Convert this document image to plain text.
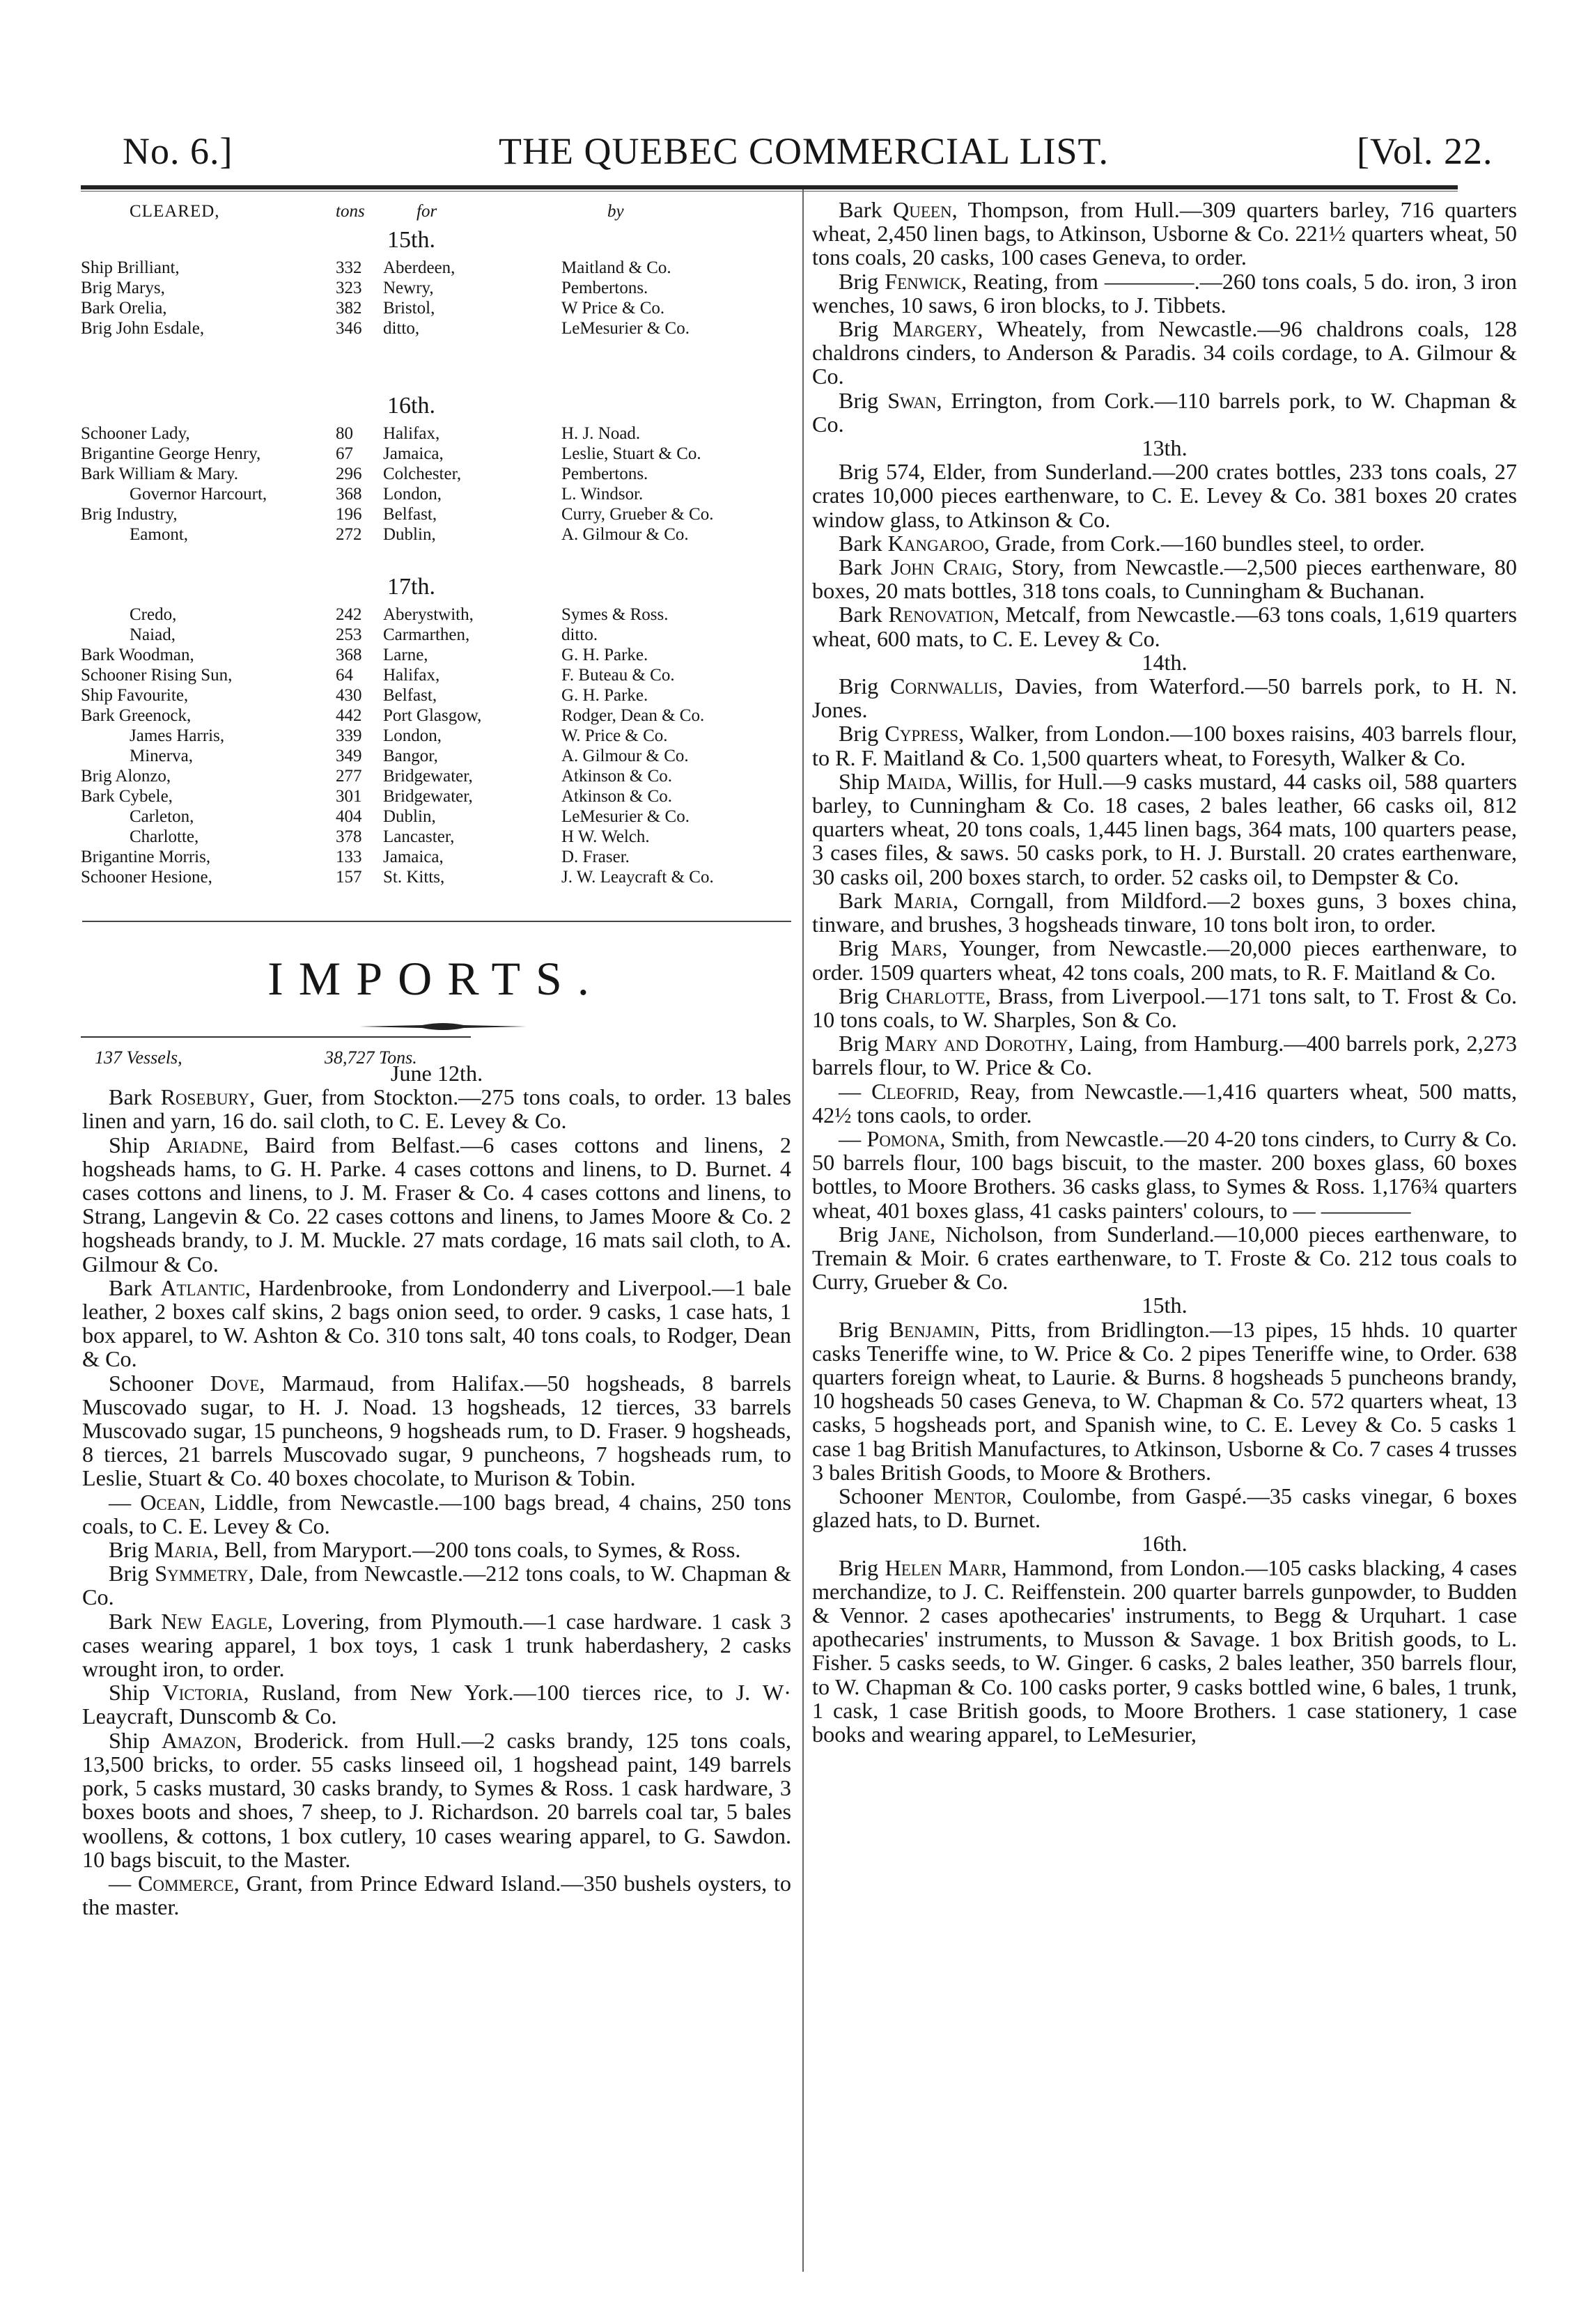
No. 6.]	THE QUEBEC COMMERCIAL LIST.	[Vol. 22.
CLEARED,	tons	for	by
15th.
Ship Brilliant,	332 Aberdeen,	Maitland & Co.
Brig Marys,	323 Newry,	Pembertons.
Bark Orelia,	382 Bristol,	W Price & Co.
Brig John Esdale,	346 ditto,	LeMesurier & Co.
16th.
Schooner Lady,	80 Halifax,	H. J. Noad.
Brigantine George Henry,	67 Jamaica,	Leslie, Stuart & Co.
Bark William & Mary.	296 Colchester,	Pembertons.
Governor Harcourt,	368 London,	L. Windsor.
Brig Industry,	196 Belfast,	Curry, Grueber & Co.
Eamont,	272 Dublin,	A. Gilmour & Co.
17th.
Credo,	242 Aberystwith,	Symes & Ross.
Naiad,	253 Carmarthen,	ditto.
Bark Woodman,	368 Larne,	G. H. Parke.
Schooner Rising Sun,	64 Halifax,	F. Buteau & Co.
Ship Favourite,	430 Belfast,	G. H. Parke.
Bark Greenock,	442 Port Glasgow,	Rodger, Dean & Co.
James Harris,	339 London,	W. Price & Co.
Minerva,	349 Bangor,	A. Gilmour & Co.
Brig Alonzo,	277 Bridgewater,	Atkinson & Co.
Bark Cybele,	301 Bridgewater,	Atkinson & Co.
Carleton,	404 Dublin,	LeMesurier & Co.
Charlotte,	378 Lancaster,	H W. Welch.
Brigantine Morris,	133 Jamaica,	D. Fraser.
Schooner Hesione,	157 St. Kitts,	J. W. Leaycraft & Co.
137 Vessels,	38,727 Tons.
IMPORTS.

June 12th.

Bark Rosebury, Guer, from Stockton.—275 tons coals, to order. 13 bales linen and yarn, 16 do. sail cloth, to C. E. Levey & Co.

Ship Ariadne, Baird from Belfast.—6 cases cottons and linens, 2 hogsheads hams, to G. H. Parke. 4 cases cottons and linens, to D. Burnet. 4 cases cottons and linens, to J. M. Fraser & Co. 4 cases cottons and linens, to Strang, Langevin & Co. 22 cases cottons and linens, to James Moore & Co. 2 hogsheads brandy, to J. M. Muckle. 27 mats cordage, 16 mats sail cloth, to A. Gilmour & Co.

Bark Atlantic, Hardenbrooke, from Londonderry and Liverpool.—1 bale leather, 2 boxes calf skins, 2 bags onion seed, to order. 9 casks, 1 case hats, 1 box apparel, to W. Ashton & Co. 310 tons salt, 40 tons coals, to Rodger, Dean & Co.

Schooner Dove, Marmaud, from Halifax.—50 hogsheads, 8 barrels Muscovado sugar, to H. J. Noad. 13 hogsheads, 12 tierces, 33 barrels Muscovado sugar, 15 puncheons, 9 hogsheads rum, to D. Fraser. 9 hogsheads, 8 tierces, 21 barrels Muscovado sugar, 9 puncheons, 7 hogsheads rum, to Leslie, Stuart & Co. 40 boxes chocolate, to Murison & Tobin.

— Ocean, Liddle, from Newcastle.—100 bags bread, 4 chains, 250 tons coals, to C. E. Levey & Co.

Brig Maria, Bell, from Maryport.—200 tons coals, to Symes, & Ross.

Brig Symmetry, Dale, from Newcastle.—212 tons coals, to W. Chapman & Co.

Bark New Eagle, Lovering, from Plymouth.—1 case hardware. 1 cask 3 cases wearing apparel, 1 box toys, 1 cask 1 trunk haberdashery, 2 casks wrought iron, to order.

Ship Victoria, Rusland, from New York.—100 tierces rice, to J. W· Leaycraft, Dunscomb & Co.

Ship Amazon, Broderick. from Hull.—2 casks brandy, 125 tons coals, 13,500 bricks, to order. 55 casks linseed oil, 1 hogshead paint, 149 barrels pork, 5 casks mustard, 30 casks brandy, to Symes & Ross. 1 cask hardware, 3 boxes boots and shoes, 7 sheep, to J. Richardson. 20 barrels coal tar, 5 bales woollens, & cottons, 1 box cutlery, 10 cases wearing apparel, to G. Sawdon. 10 bags biscuit, to the Master.

— Commerce, Grant, from Prince Edward Island.—350 bushels oysters, to the master.

Bark Queen, Thompson, from Hull.—309 quarters barley, 716 quarters wheat, 2,450 linen bags, to Atkinson, Usborne & Co. 221½ quarters wheat, 50 tons coals, 20 casks, 100 cases Geneva, to order.

Brig Fenwick, Reating, from ————.—260 tons coals, 5 do. iron, 3 iron wenches, 10 saws, 6 iron blocks, to J. Tibbets.

Brig Margery, Wheately, from Newcastle.—96 chaldrons coals, 128 chaldrons cinders, to Anderson & Paradis. 34 coils cordage, to A. Gilmour & Co.

Brig Swan, Errington, from Cork.—110 barrels pork, to W. Chapman & Co.

13th.

Brig 574, Elder, from Sunderland.—200 crates bottles, 233 tons coals, 27 crates 10,000 pieces earthenware, to C. E. Levey & Co. 381 boxes 20 crates window glass, to Atkinson & Co.

Bark Kangaroo, Grade, from Cork.—160 bundles steel, to order.

Bark John Craig, Story, from Newcastle.—2,500 pieces earthenware, 80 boxes, 20 mats bottles, 318 tons coals, to Cunningham & Buchanan.

Bark Renovation, Metcalf, from Newcastle.—63 tons coals, 1,619 quarters wheat, 600 mats, to C. E. Levey & Co.

14th.

Brig Cornwallis, Davies, from Waterford.—50 barrels pork, to H. N. Jones.

Brig Cypress, Walker, from London.—100 boxes raisins, 403 barrels flour, to R. F. Maitland & Co. 1,500 quarters wheat, to Foresyth, Walker & Co.

Ship Maida, Willis, for Hull.—9 casks mustard, 44 casks oil, 588 quarters barley, to Cunningham & Co. 18 cases, 2 bales leather, 66 casks oil, 812 quarters wheat, 20 tons coals, 1,445 linen bags, 364 mats, 100 quarters pease, 3 cases files, & saws. 50 casks pork, to H. J. Burstall. 20 crates earthenware, 30 casks oil, 200 boxes starch, to order. 52 casks oil, to Dempster & Co.

Bark Maria, Corngall, from Mildford.—2 boxes guns, 3 boxes china, tinware, and brushes, 3 hogsheads tinware, 10 tons bolt iron, to order.

Brig Mars, Younger, from Newcastle.—20,000 pieces earthenware, to order. 1509 quarters wheat, 42 tons coals, 200 mats, to R. F. Maitland & Co.

Brig Charlotte, Brass, from Liverpool.—171 tons salt, to T. Frost & Co. 10 tons coals, to W. Sharples, Son & Co.

Brig Mary and Dorothy, Laing, from Hamburg.—400 barrels pork, 2,273 barrels flour, to W. Price & Co.

— Cleofrid, Reay, from Newcastle.—1,416 quarters wheat, 500 matts, 42½ tons caols, to order.

— Pomona, Smith, from Newcastle.—20 4-20 tons cinders, to Curry & Co. 50 barrels flour, 100 bags biscuit, to the master. 200 boxes glass, 60 boxes bottles, to Moore Brothers. 36 casks glass, to Symes & Ross. 1,176¾ quarters wheat, 401 boxes glass, 41 casks painters' colours, to — ————

Brig Jane, Nicholson, from Sunderland.—10,000 pieces earthenware, to Tremain & Moir. 6 crates earthenware, to T. Froste & Co. 212 tous coals to Curry, Grueber & Co.

15th.

Brig Benjamin, Pitts, from Bridlington.—13 pipes, 15 hhds. 10 quarter casks Teneriffe wine, to W. Price & Co. 2 pipes Teneriffe wine, to Order. 638 quarters foreign wheat, to Laurie. & Burns. 8 hogsheads 5 puncheons brandy, 10 hogsheads 50 cases Geneva, to W. Chapman & Co. 572 quarters wheat, 13 casks, 5 hogsheads port, and Spanish wine, to C. E. Levey & Co. 5 casks 1 case 1 bag British Manufactures, to Atkinson, Usborne & Co. 7 cases 4 trusses 3 bales British Goods, to Moore & Brothers.

Schooner Mentor, Coulombe, from Gaspé.—35 casks vinegar, 6 boxes glazed hats, to D. Burnet.

16th.

Brig Helen Marr, Hammond, from London.—105 casks blacking, 4 cases merchandize, to J. C. Reiffenstein. 200 quarter barrels gunpowder, to Budden & Vennor. 2 cases apothecaries' instruments, to Begg & Urquhart. 1 case apothecaries' instruments, to Musson & Savage. 1 box British goods, to L. Fisher. 5 casks seeds, to W. Ginger. 6 casks, 2 bales leather, 350 barrels flour, to W. Chapman & Co. 100 casks porter, 9 casks bottled wine, 6 bales, 1 trunk, 1 cask, 1 case British goods, to Moore Brothers. 1 case stationery, 1 case books and wearing apparel, to LeMesurier,
